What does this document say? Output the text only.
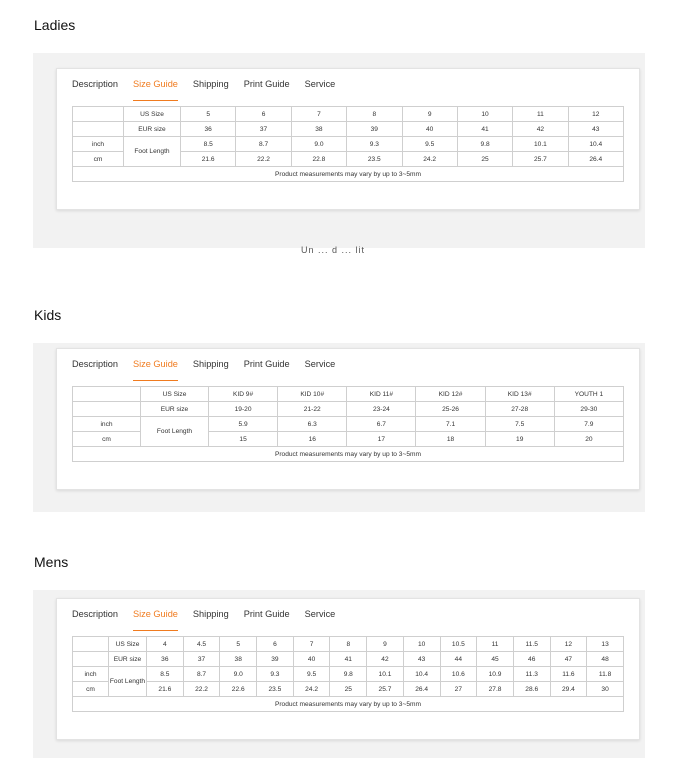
Ladies
Description Size Guide Shipping Print Guide Service
	US Size	5	6	7	8	9	10	11	12
	EUR size	36	37	38	39	40	41	42	43
inch	Foot Length	8.5	8.7	9.0	9.3	9.5	9.8	10.1	10.4
cm		21.6	22.2	22.8	23.5	24.2	25	25.7	26.4
Product measurements may vary by up to 3~5mm									
Un ... d ... lit
Kids
Description Size Guide Shipping Print Guide Service
	US Size	KID 9#	KID 10#	KID 11#	KID 12#	KID 13#	YOUTH 1
	EUR size	19-20	21-22	23-24	25-26	27-28	29-30
inch	Foot Length	5.9	6.3	6.7	7.1	7.5	7.9
cm		15	16	17	18	19	20
Product measurements may vary by up to 3~5mm							
Mens
Description Size Guide Shipping Print Guide Service
	US Size	4	4.5	5	6	7	8	9	10	10.5	11	11.5	12	13
	EUR size	36	37	38	39	40	41	42	43	44	45	46	47	48
inch	Foot Length	8.5	8.7	9.0	9.3	9.5	9.8	10.1	10.4	10.6	10.9	11.3	11.6	11.8
cm		21.6	22.2	22.6	23.5	24.2	25	25.7	26.4	27	27.8	28.6	29.4	30
Product measurements may vary by up to 3~5mm														
